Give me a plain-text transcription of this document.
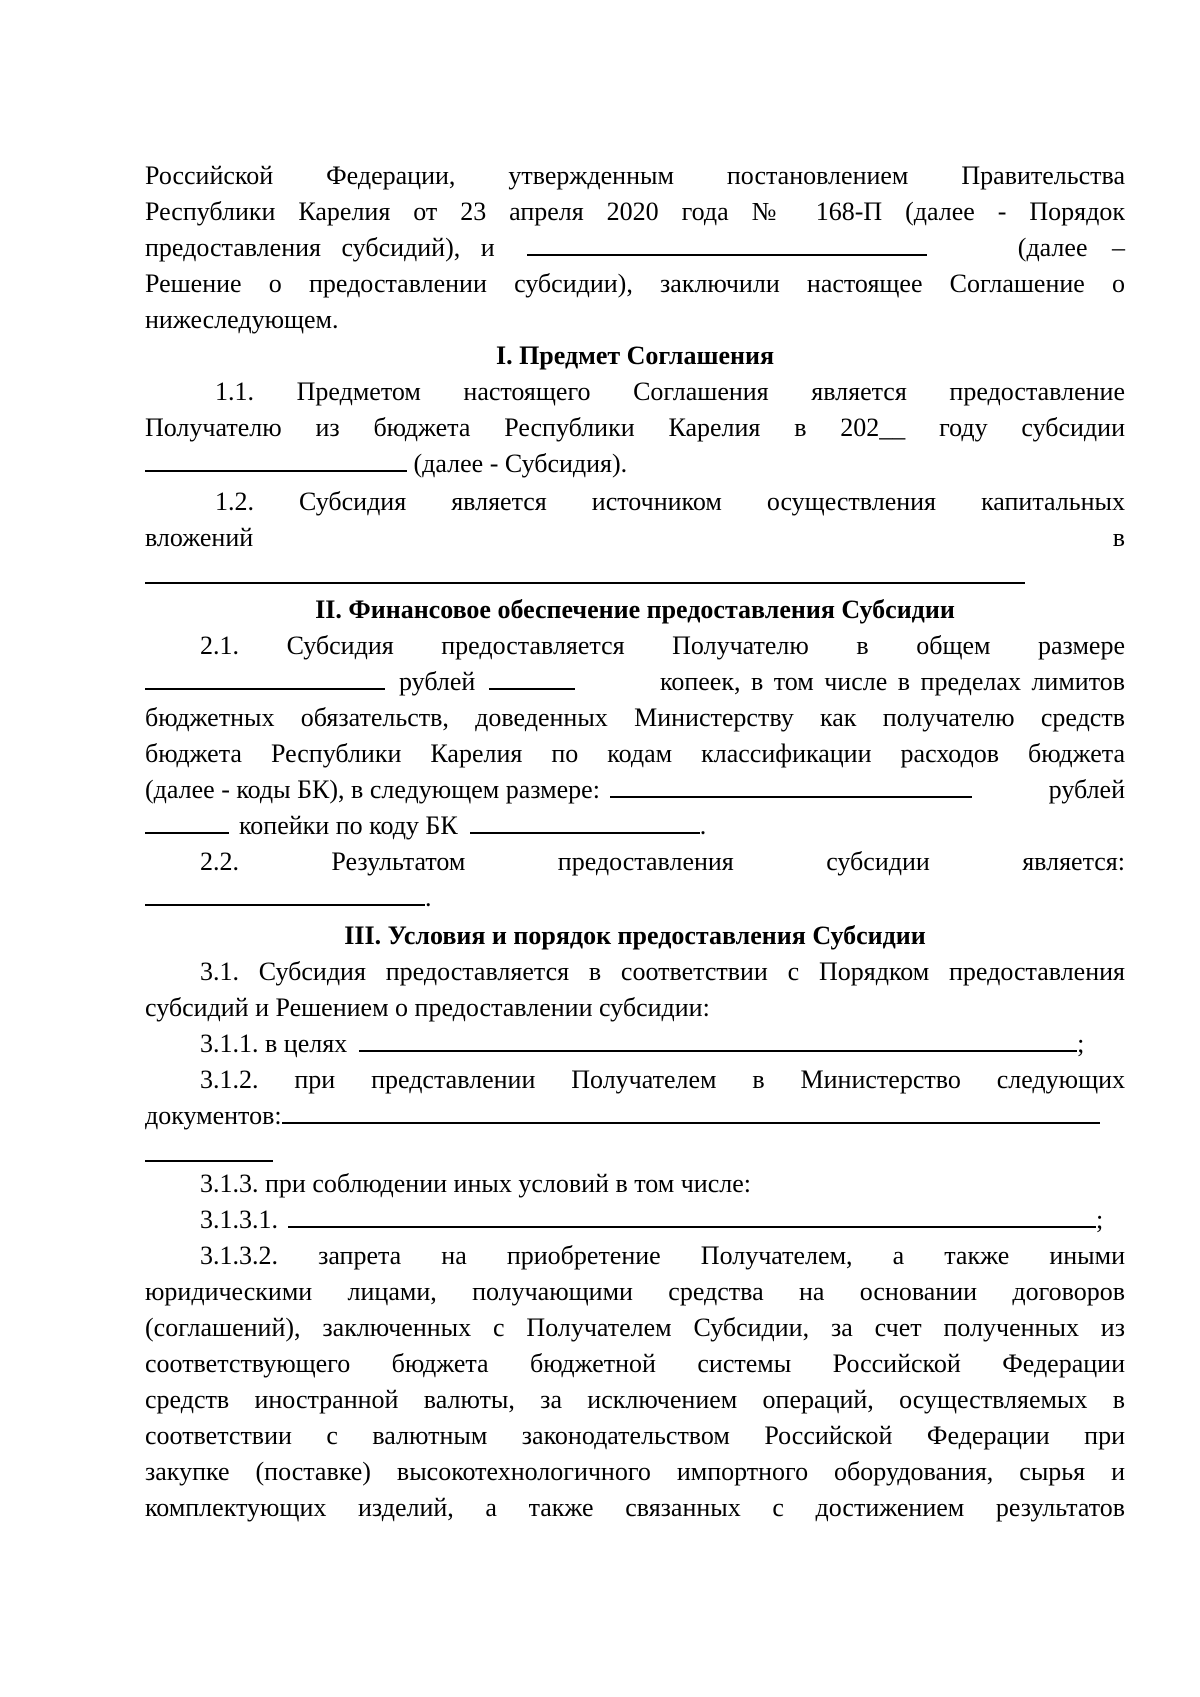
Российской Федерации, утвержденным постановлением Правительства
Республики Карелия от 23 апреля 2020 года № 168-П (далее - Порядок
предоставления субсидий), и	(далее –
Решение о предоставлении субсидии), заключили настоящее Соглашение о
нижеследующем.
I. Предмет Соглашения
1.1. Предметом настоящего Соглашения является предоставление
Получателю из бюджета Республики Карелия в 202__ году субсидии
(далее - Субсидия).
1.2. Субсидия является источником осуществления капитальных
вложений	в
II. Финансовое обеспечение предоставления Субсидии
2.1. Субсидия предоставляется Получателю в общем размере
рублей	копеек, в том числе в пределах лимитов
бюджетных обязательств, доведенных Министерству как получателю средств
бюджета Республики Карелия по кодам классификации расходов бюджета
(далее - коды БК), в следующем размере:	рублей
копейки по коду БК	.
2.2. Результатом предоставления субсидии является:
.
III. Условия и порядок предоставления Субсидии
3.1. Субсидия предоставляется в соответствии с Порядком предоставления
субсидий и Решением о предоставлении субсидии:
3.1.1. в целях	;
3.1.2. при представлении Получателем в Министерство следующих
документов:
3.1.3. при соблюдении иных условий в том числе:
3.1.3.1.	;
3.1.3.2. запрета на приобретение Получателем, а также иными
юридическими лицами, получающими средства на основании договоров
(соглашений), заключенных с Получателем Субсидии, за счет полученных из
соответствующего бюджета бюджетной системы Российской Федерации
средств иностранной валюты, за исключением операций, осуществляемых в
соответствии с валютным законодательством Российской Федерации при
закупке (поставке) высокотехнологичного импортного оборудования, сырья и
комплектующих изделий, а также связанных с достижением результатов
